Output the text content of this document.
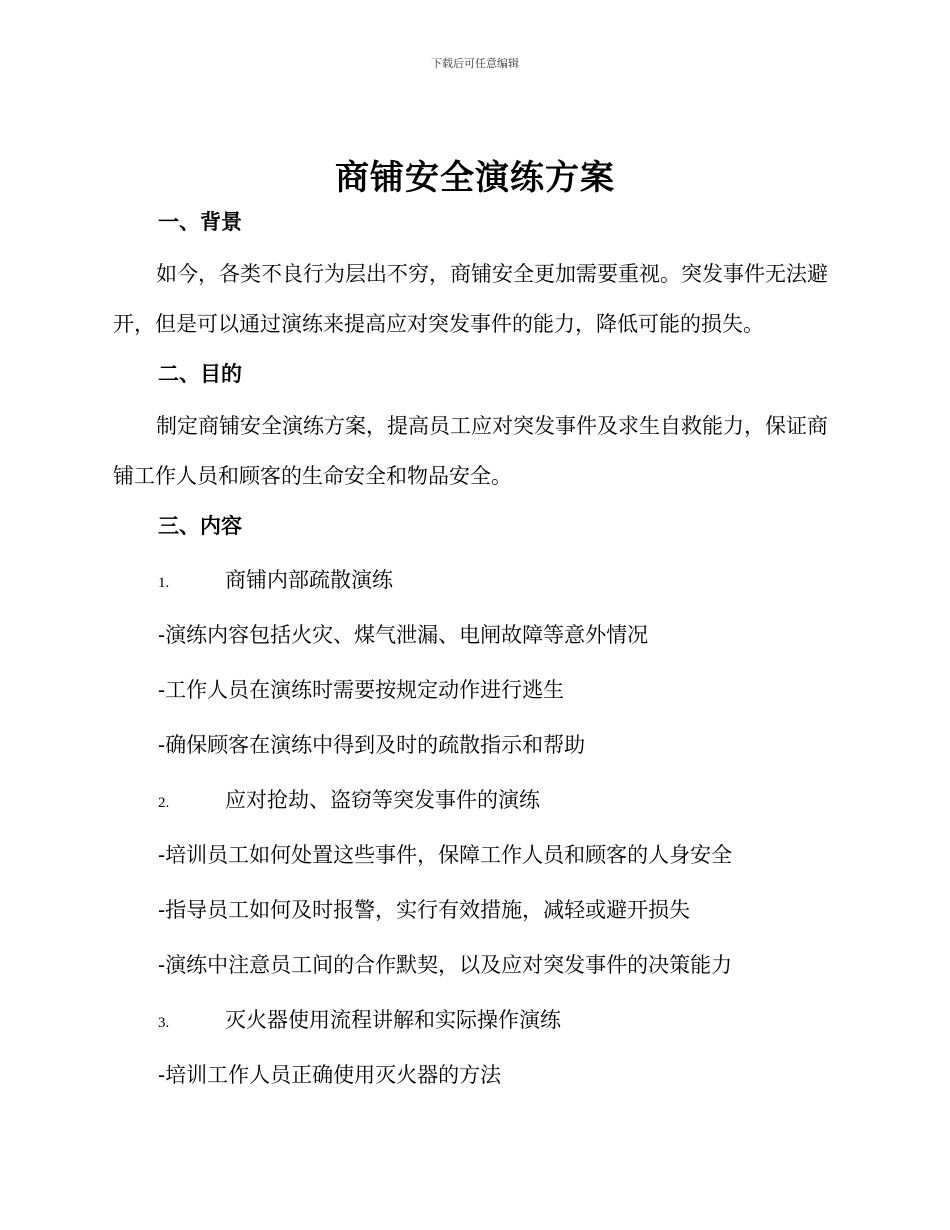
下载后可任意编辑
商铺安全演练方案
一、背景
如今，各类不良行为层出不穷，商铺安全更加需要重视。突发事件无法避开，但是可以通过演练来提高应对突发事件的能力，降低可能的损失。
二、目的
制定商铺安全演练方案，提高员工应对突发事件及求生自救能力，保证商铺工作人员和顾客的生命安全和物品安全。
三、内容
1.	商铺内部疏散演练
-演练内容包括火灾、煤气泄漏、电闸故障等意外情况
-工作人员在演练时需要按规定动作进行逃生
-确保顾客在演练中得到及时的疏散指示和帮助
2.	应对抢劫、盗窃等突发事件的演练
-培训员工如何处置这些事件，保障工作人员和顾客的人身安全
-指导员工如何及时报警，实行有效措施，减轻或避开损失
-演练中注意员工间的合作默契，以及应对突发事件的决策能力
3.	灭火器使用流程讲解和实际操作演练
-培训工作人员正确使用灭火器的方法
